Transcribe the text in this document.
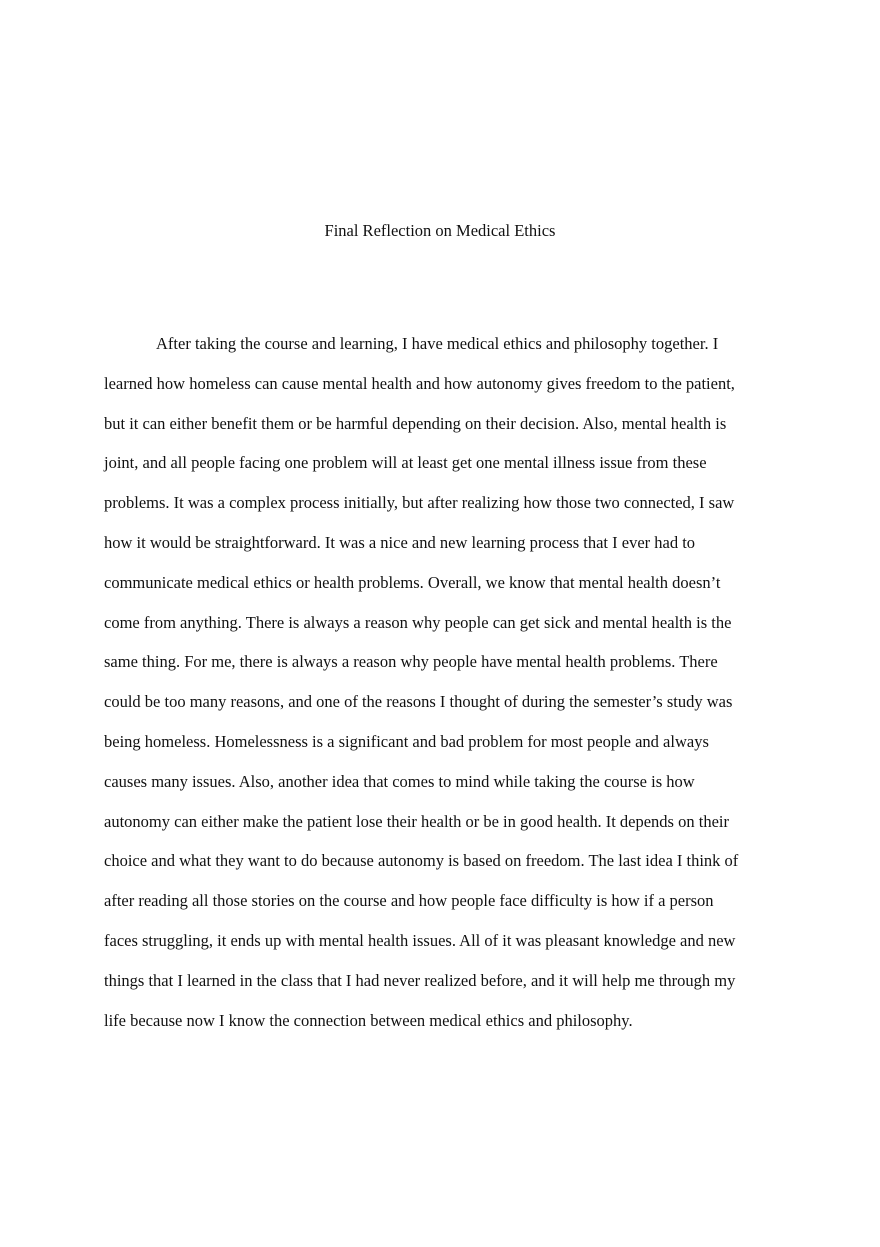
Final Reflection on Medical Ethics
After taking the course and learning, I have medical ethics and philosophy together. I
learned how homeless can cause mental health and how autonomy gives freedom to the patient,
but it can either benefit them or be harmful depending on their decision. Also, mental health is
joint, and all people facing one problem will at least get one mental illness issue from these
problems. It was a complex process initially, but after realizing how those two connected, I saw
how it would be straightforward. It was a nice and new learning process that I ever had to
communicate medical ethics or health problems. Overall, we know that mental health doesn’t
come from anything. There is always a reason why people can get sick and mental health is the
same thing. For me, there is always a reason why people have mental health problems. There
could be too many reasons, and one of the reasons I thought of during the semester’s study was
being homeless. Homelessness is a significant and bad problem for most people and always
causes many issues. Also, another idea that comes to mind while taking the course is how
autonomy can either make the patient lose their health or be in good health. It depends on their
choice and what they want to do because autonomy is based on freedom. The last idea I think of
after reading all those stories on the course and how people face difficulty is how if a person
faces struggling, it ends up with mental health issues. All of it was pleasant knowledge and new
things that I learned in the class that I had never realized before, and it will help me through my
life because now I know the connection between medical ethics and philosophy.
